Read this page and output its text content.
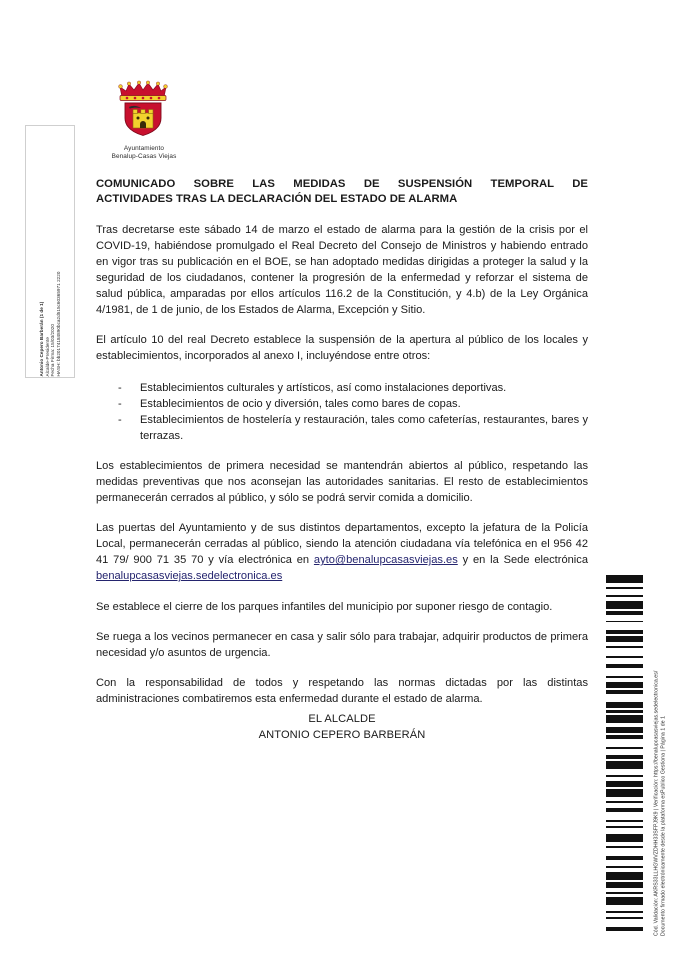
Antonio Cepero Barberán (1 de 1) Alcalde-Presidente Fecha Firma: 15/03/2020 HASH: bb20174184890bca2d515c60365971 2220
Cód. Validación: AKRS33LLHGWVZDHH33SFPJ9K9 | Verificación: https://benalupcasasviejas.sedelectronica.es/ Documento firmado electrónicamente desde la plataforma esPublico Gestiona | Página 1 de 1
Ayuntamiento
Benalup-Casas Viejas
COMUNICADO SOBRE LAS MEDIDAS DE SUSPENSIÓN TEMPORAL DE
ACTIVIDADES TRAS LA DECLARACIÓN DEL ESTADO DE ALARMA
Tras decretarse este sábado 14 de marzo el estado de alarma para la gestión de la crisis por el COVID-19, habiéndose promulgado el Real Decreto del Consejo de Ministros y habiendo entrado en vigor tras su publicación en el BOE, se han adoptado medidas dirigidas a proteger la salud y la seguridad de los ciudadanos, contener la progresión de la enfermedad y reforzar el sistema de salud pública, amparadas por ellos artículos 116.2 de la Constitución, y 4.b) de la Ley Orgánica 4/1981, de 1 de junio, de los Estados de Alarma, Excepción y Sitio.
El artículo 10 del real Decreto establece la suspensión de la apertura al público de los locales y establecimientos, incorporados al anexo I, incluyéndose entre otros:
-	Establecimientos culturales y artísticos, así como instalaciones deportivas.
-	Establecimientos de ocio y diversión, tales como bares de copas.
-	Establecimientos de hostelería y restauración, tales como cafeterías, restaurantes, bares y terrazas.
Los establecimientos de primera necesidad se mantendrán abiertos al público, respetando las medidas preventivas que nos aconsejan las autoridades sanitarias. El resto de establecimientos permanecerán cerrados al público, y sólo se podrá servir comida a domicilio.
Las puertas del Ayuntamiento y de sus distintos departamentos, excepto la jefatura de la Policía Local, permanecerán cerradas al público, siendo la atención ciudadana vía telefónica en el 956 42 41 79/ 900 71 35 70 y vía electrónica en ayto@benalupcasasviejas.es y en la Sede electrónica benalupcasasviejas.sedelectronica.es
Se establece el cierre de los parques infantiles del municipio por suponer riesgo de contagio.
Se ruega a los vecinos permanecer en casa y salir sólo para trabajar, adquirir productos de primera necesidad y/o asuntos de urgencia.
Con la responsabilidad de todos y respetando las normas dictadas por las distintas administraciones combatiremos esta enfermedad durante el estado de alarma.
EL ALCALDE
ANTONIO CEPERO BARBERÁN
